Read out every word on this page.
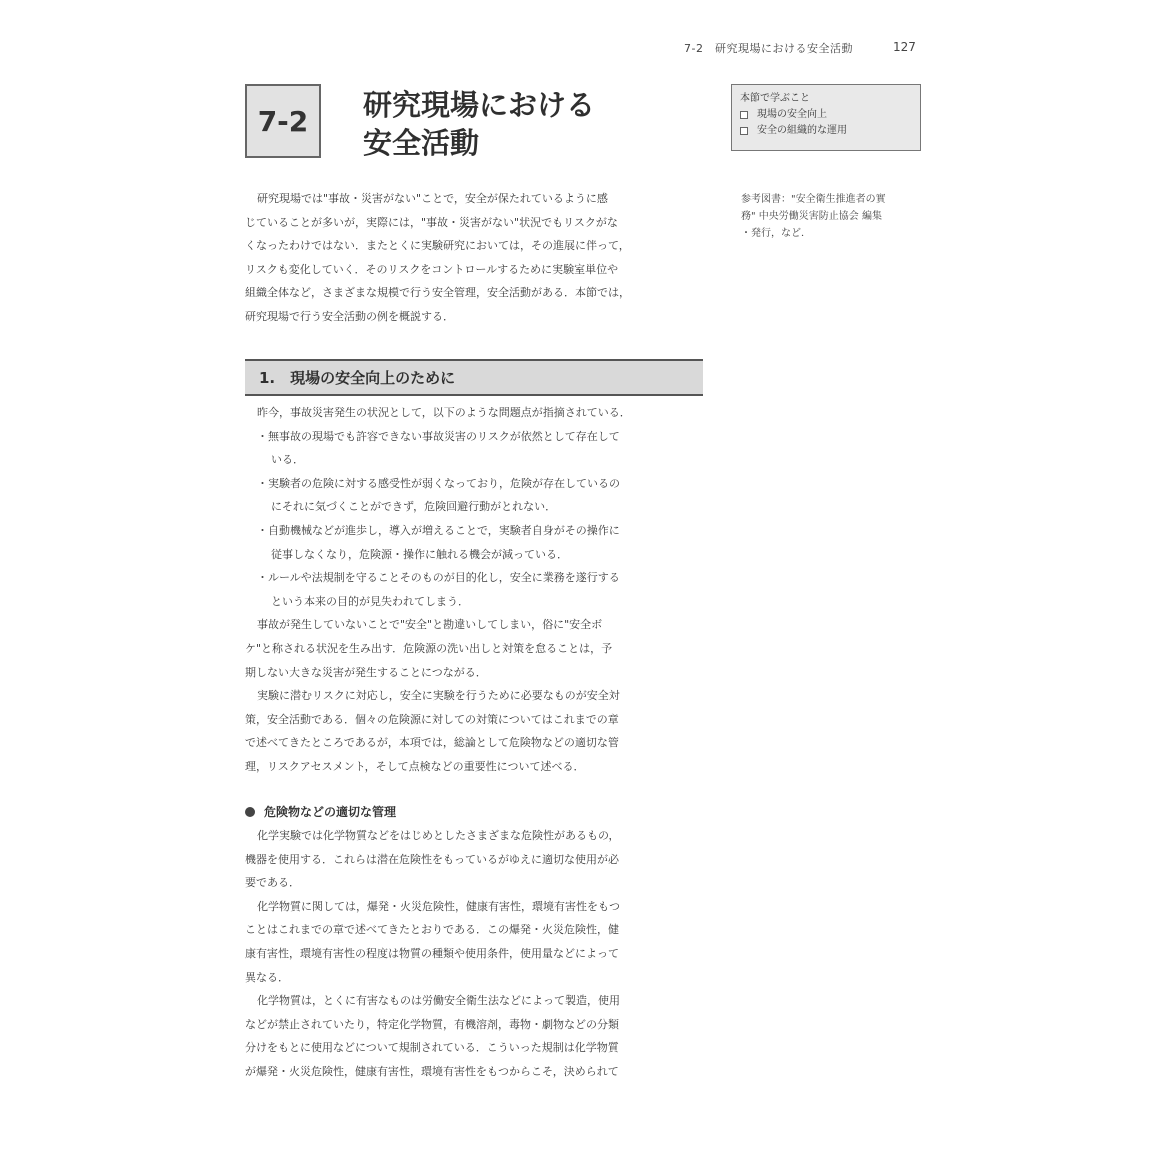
7-2　研究現場における安全活動	127
7-2 研究現場における
安全活動
本節で学ぶこと
現場の安全向上
安全の組織的な運用
参考図書："安全衛生推進者の實
務" 中央労働災害防止協会 編集
・発行，など．
研究現場では"事故・災害がない"ことで，安全が保たれているように感
じていることが多いが，実際には，"事故・災害がない"状況でもリスクがな
くなったわけではない．またとくに実験研究においては，その進展に伴って，
リスクも変化していく．そのリスクをコントロールするために実験室単位や
組織全体など，さまざまな規模で行う安全管理，安全活動がある．本節では，
研究現場で行う安全活動の例を概説する．
1.　現場の安全向上のために
昨今，事故災害発生の状況として，以下のような問題点が指摘されている．
・無事故の現場でも許容できない事故災害のリスクが依然として存在して
いる．
・実験者の危険に対する感受性が弱くなっており，危険が存在しているの
にそれに気づくことができず，危険回避行動がとれない．
・自動機械などが進歩し，導入が増えることで，実験者自身がその操作に
従事しなくなり，危険源・操作に触れる機会が減っている．
・ルールや法規制を守ることそのものが目的化し，安全に業務を遂行する
という本来の目的が見失われてしまう．
事故が発生していないことで"安全"と勘違いしてしまい，俗に"安全ボ
ケ"と称される状況を生み出す．危険源の洗い出しと対策を怠ることは，予
期しない大きな災害が発生することにつながる．
実験に潜むリスクに対応し，安全に実験を行うために必要なものが安全対
策，安全活動である．個々の危険源に対しての対策についてはこれまでの章
で述べてきたところであるが，本項では，総論として危険物などの適切な管
理，リスクアセスメント，そして点検などの重要性について述べる．
危険物などの適切な管理
化学実験では化学物質などをはじめとしたさまざまな危険性があるもの，
機器を使用する．これらは潜在危険性をもっているがゆえに適切な使用が必
要である．
化学物質に関しては，爆発・火災危険性，健康有害性，環境有害性をもつ
ことはこれまでの章で述べてきたとおりである．この爆発・火災危険性，健
康有害性，環境有害性の程度は物質の種類や使用条件，使用量などによって
異なる．
化学物質は，とくに有害なものは労働安全衛生法などによって製造，使用
などが禁止されていたり，特定化学物質，有機溶剤，毒物・劇物などの分類
分けをもとに使用などについて規制されている．こういった規制は化学物質
が爆発・火災危険性，健康有害性，環境有害性をもつからこそ，決められて
